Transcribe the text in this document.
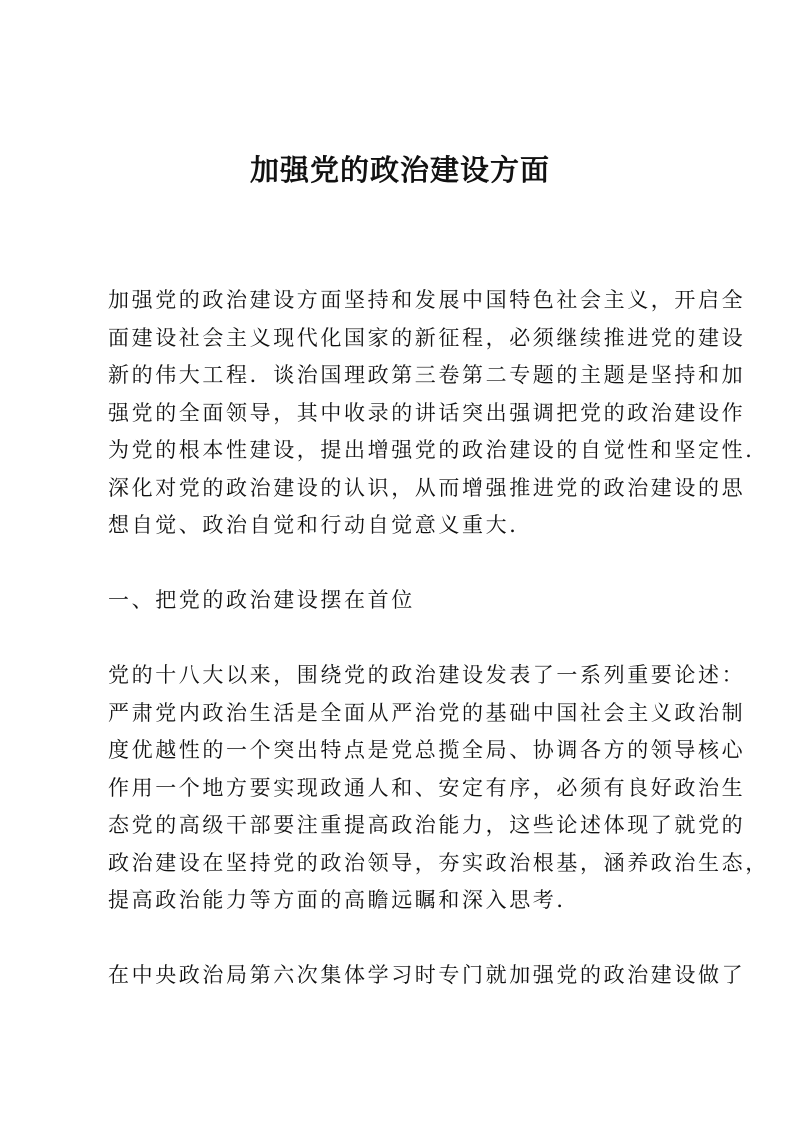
加强党的政治建设方面
加强党的政治建设方面坚持和发展中国特色社会主义，开启全
面建设社会主义现代化国家的新征程，必须继续推进党的建设
新的伟大工程．谈治国理政第三卷第二专题的主题是坚持和加
强党的全面领导，其中收录的讲话突出强调把党的政治建设作
为党的根本性建设，提出增强党的政治建设的自觉性和坚定性．
深化对党的政治建设的认识，从而增强推进党的政治建设的思
想自觉、政治自觉和行动自觉意义重大．
一、把党的政治建设摆在首位
党的十八大以来，围绕党的政治建设发表了一系列重要论述：
严肃党内政治生活是全面从严治党的基础中国社会主义政治制
度优越性的一个突出特点是党总揽全局、协调各方的领导核心
作用一个地方要实现政通人和、安定有序，必须有良好政治生
态党的高级干部要注重提高政治能力，这些论述体现了就党的
政治建设在坚持党的政治领导，夯实政治根基，涵养政治生态，
提高政治能力等方面的高瞻远瞩和深入思考．
在中央政治局第六次集体学习时专门就加强党的政治建设做了
